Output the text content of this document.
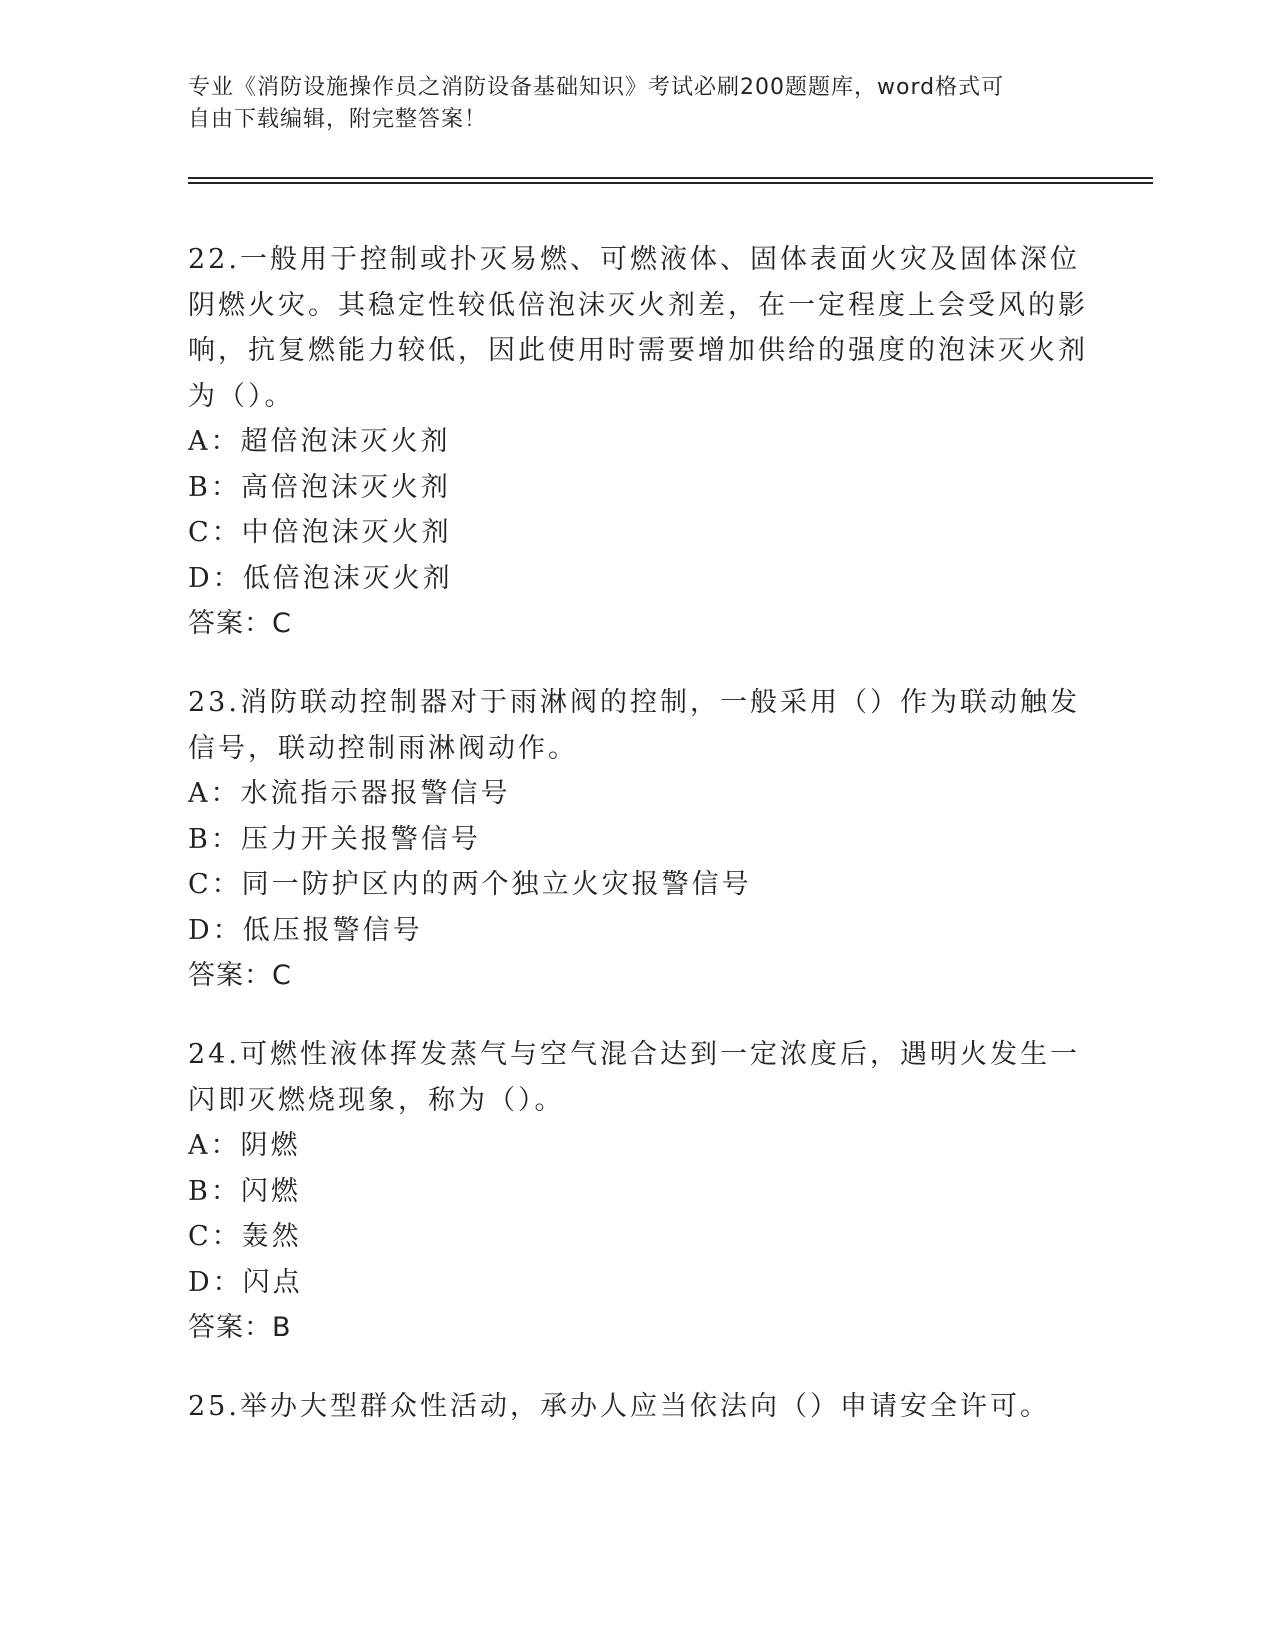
专业《消防设施操作员之消防设备基础知识》考试必刷200题题库，word格式可
自由下载编辑，附完整答案！

22.一般用于控制或扑灭易燃、可燃液体、固体表面火灾及固体深位阴燃火灾。其稳定性较低倍泡沫灭火剂差，在一定程度上会受风的影响，抗复燃能力较低，因此使用时需要增加供给的强度的泡沫灭火剂为（）。

A：超倍泡沫灭火剂

B：高倍泡沫灭火剂

C：中倍泡沫灭火剂

D：低倍泡沫灭火剂

答案：C

23.消防联动控制器对于雨淋阀的控制，一般采用（）作为联动触发信号，联动控制雨淋阀动作。

A：水流指示器报警信号

B：压力开关报警信号

C：同一防护区内的两个独立火灾报警信号

D：低压报警信号

答案：C

24.可燃性液体挥发蒸气与空气混合达到一定浓度后，遇明火发生一闪即灭燃烧现象，称为（）。

A：阴燃

B：闪燃

C：轰然

D：闪点

答案：B

25.举办大型群众性活动，承办人应当依法向（）申请安全许可。
